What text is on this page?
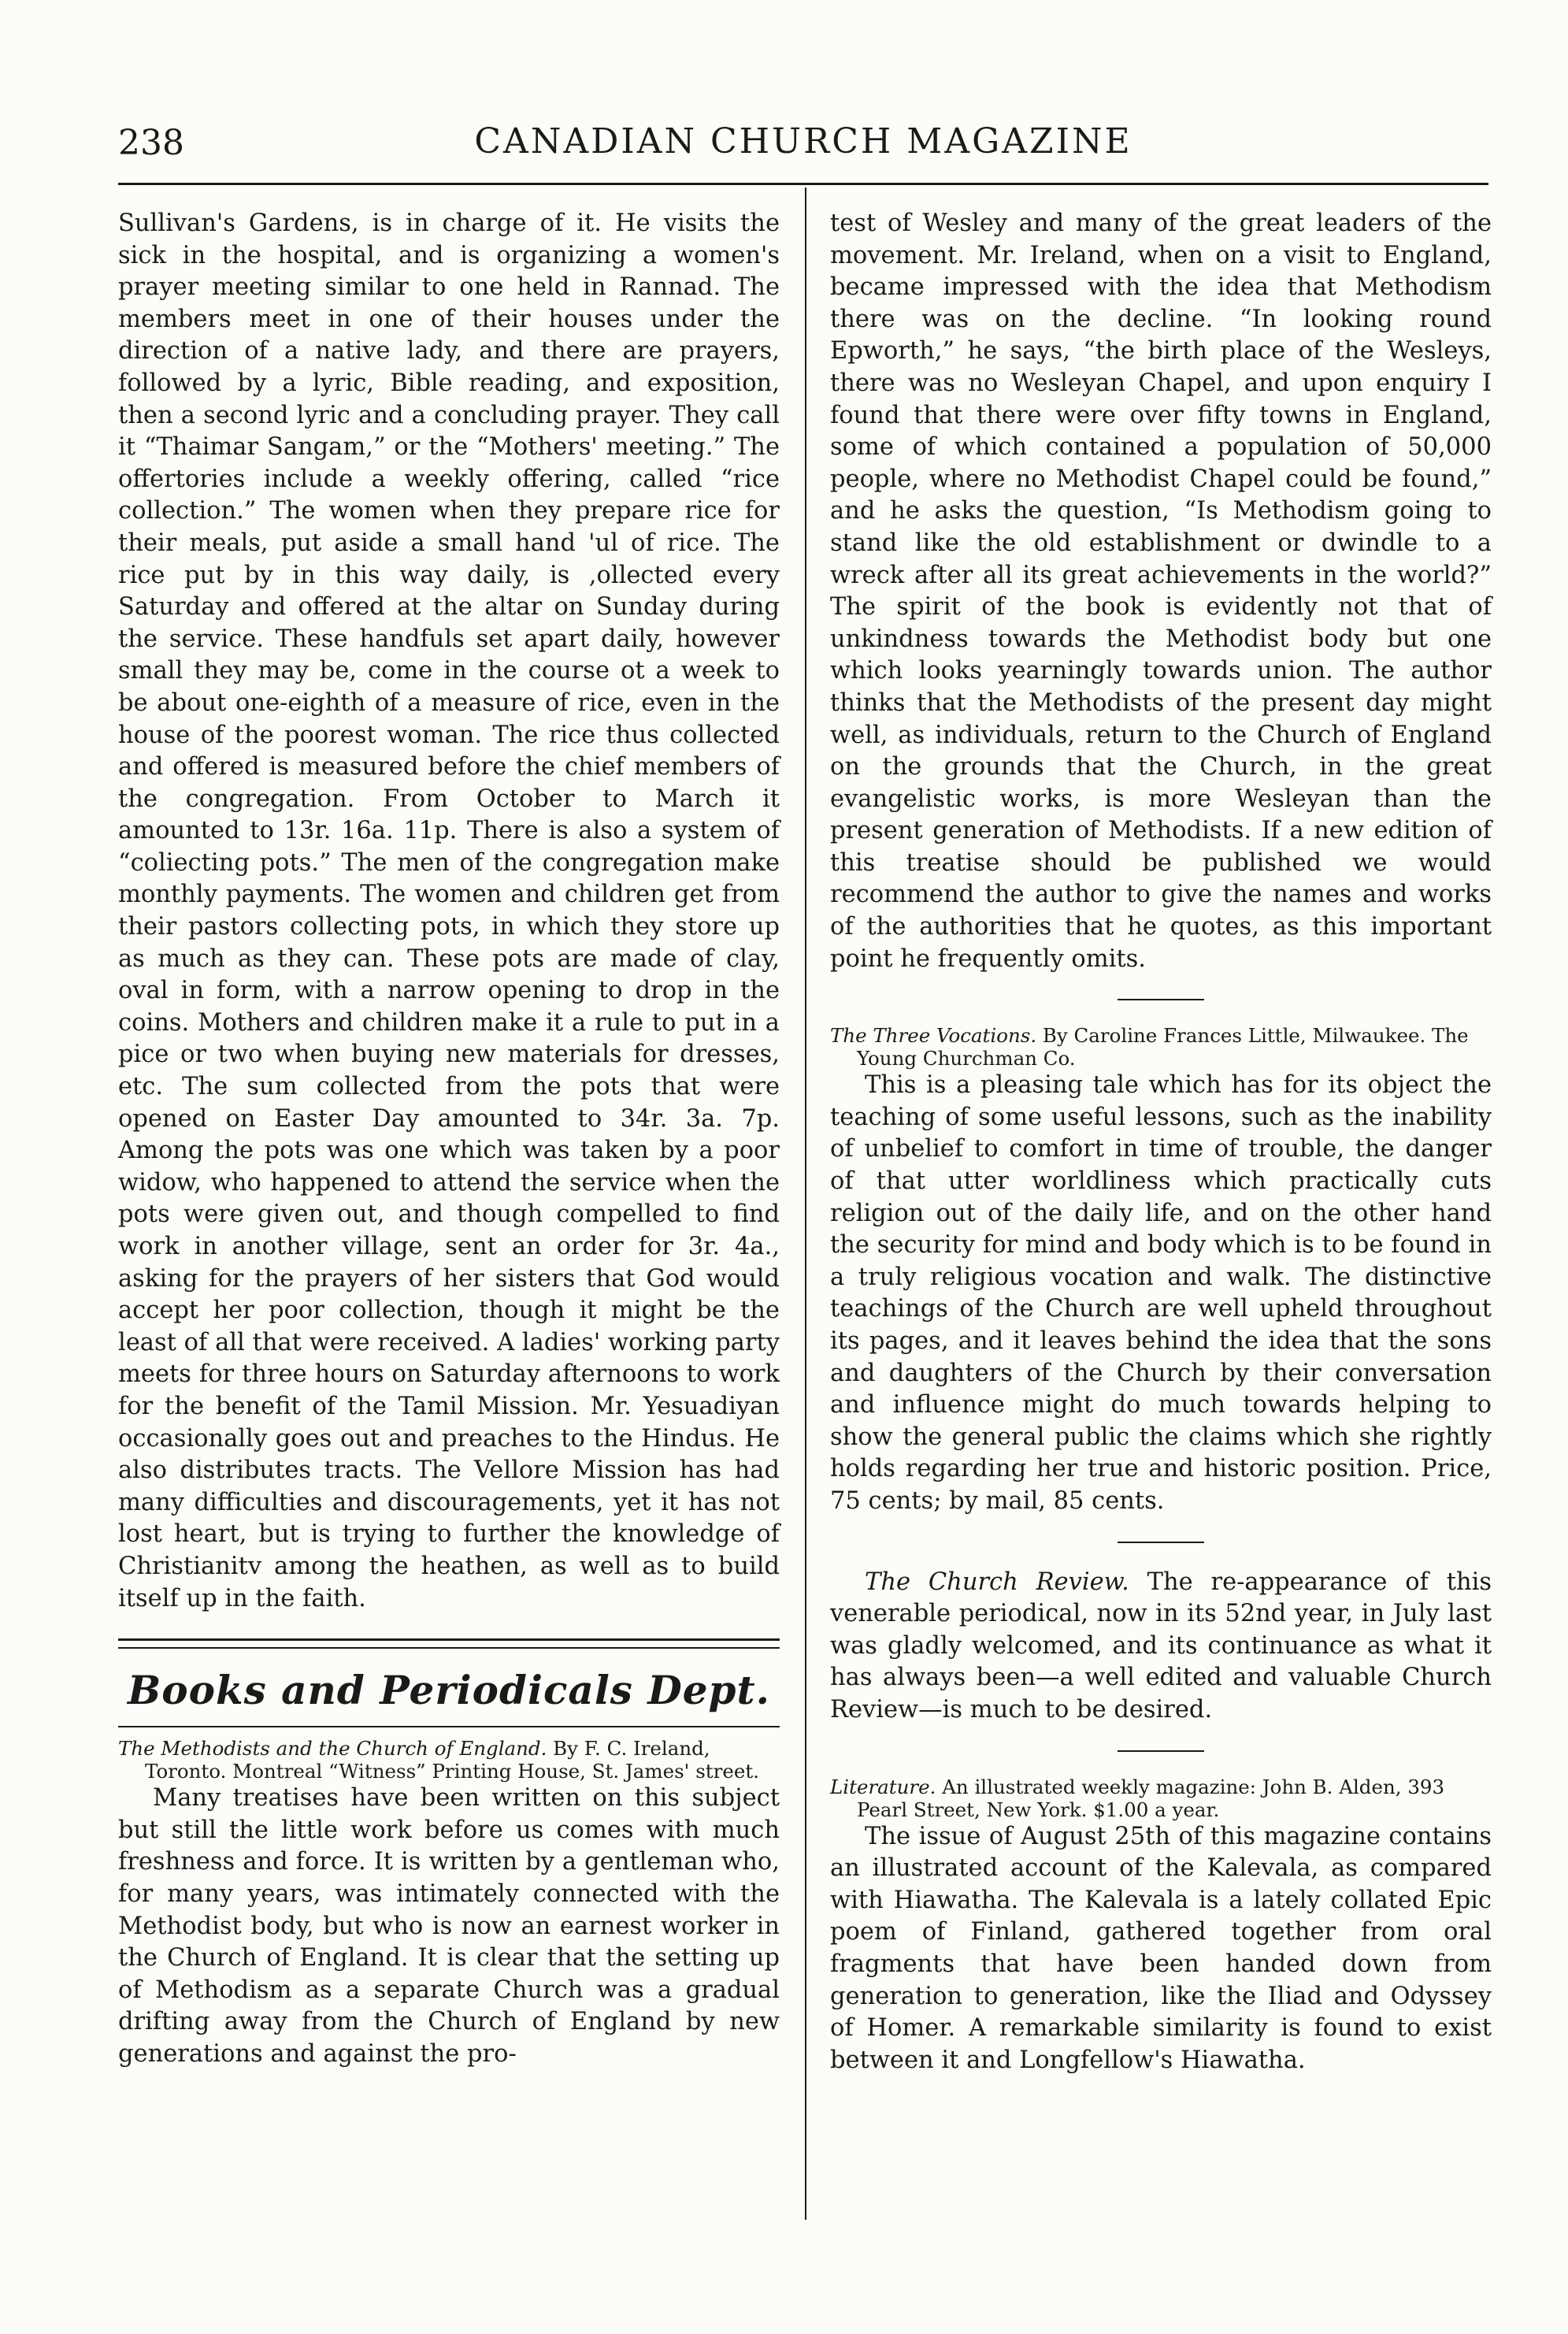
238	CANADIAN CHURCH MAGAZINE

Sullivan's Gardens, is in charge of it. He visits the sick in the hospital, and is organizing a women's prayer meeting similar to one held in Rannad. The members meet in one of their houses under the direction of a native lady, and there are prayers, followed by a lyric, Bible reading, and exposition, then a second lyric and a concluding prayer. They call it “Thaimar Sangam,” or the “Mothers' meeting.” The offertories include a weekly offering, called “rice collection.” The women when they prepare rice for their meals, put aside a small hand 'ul of rice. The rice put by in this way daily, is ,ollected every Saturday and offered at the altar on Sunday during the service. These handfuls set apart daily, however small they may be, come in the course ot a week to be about one-eighth of a measure of rice, even in the house of the poorest woman. The rice thus collected and offered is measured before the chief members of the congregation. From October to March it amounted to 13r. 16a. 11p. There is also a system of “coliecting pots.” The men of the congregation make monthly payments. The women and children get from their pastors collecting pots, in which they store up as much as they can. These pots are made of clay, oval in form, with a narrow opening to drop in the coins. Mothers and children make it a rule to put in a pice or two when buying new materials for dresses, etc. The sum collected from the pots that were opened on Easter Day amounted to 34r. 3a. 7p. Among the pots was one which was taken by a poor widow, who happened to attend the service when the pots were given out, and though compelled to find work in another village, sent an order for 3r. 4a., asking for the prayers of her sisters that God would accept her poor collection, though it might be the least of all that were received. A ladies' working party meets for three hours on Saturday afternoons to work for the benefit of the Tamil Mission. Mr. Yesuadiyan occasionally goes out and preaches to the Hindus. He also distributes tracts. The Vellore Mission has had many difficulties and discouragements, yet it has not lost heart, but is trying to further the knowledge of Christianitv among the heathen, as well as to build itself up in the faith.

Books and Periodicals Dept.

The Methodists and the Church of England. By F. C. Ireland, Toronto. Montreal “Witness” Printing House, St. James' street.

Many treatises have been written on this subject but still the little work before us comes with much freshness and force. It is written by a gentleman who, for many years, was intimately connected with the Methodist body, but who is now an earnest worker in the Church of England. It is clear that the setting up of Methodism as a separate Church was a gradual drifting away from the Church of England by new generations and against the pro-

test of Wesley and many of the great leaders of the movement. Mr. Ireland, when on a visit to England, became impressed with the idea that Methodism there was on the decline. “In looking round Epworth,” he says, “the birth place of the Wesleys, there was no Wesleyan Chapel, and upon enquiry I found that there were over fifty towns in England, some of which contained a population of 50,000 people, where no Methodist Chapel could be found,” and he asks the question, “Is Methodism going to stand like the old establishment or dwindle to a wreck after all its great achievements in the world?” The spirit of the book is evidently not that of unkindness towards the Methodist body but one which looks yearningly towards union. The author thinks that the Methodists of the present day might well, as individuals, return to the Church of England on the grounds that the Church, in the great evangelistic works, is more Wesleyan than the present generation of Methodists. If a new edition of this treatise should be published we would recommend the author to give the names and works of the authorities that he quotes, as this important point he frequently omits.

The Three Vocations. By Caroline Frances Little, Milwaukee. The Young Churchman Co.

This is a pleasing tale which has for its object the teaching of some useful lessons, such as the inability of unbelief to comfort in time of trouble, the danger of that utter worldliness which practically cuts religion out of the daily life, and on the other hand the security for mind and body which is to be found in a truly religious vocation and walk. The distinctive teachings of the Church are well upheld throughout its pages, and it leaves behind the idea that the sons and daughters of the Church by their conversation and influence might do much towards helping to show the general public the claims which she rightly holds regarding her true and historic position. Price, 75 cents; by mail, 85 cents.

The Church Review. The re-appearance of this venerable periodical, now in its 52nd year, in July last was gladly welcomed, and its continuance as what it has always been—a well edited and valuable Church Review—is much to be desired.

Literature. An illustrated weekly magazine: John B. Alden, 393 Pearl Street, New York. $1.00 a year.

The issue of August 25th of this magazine contains an illustrated account of the Kalevala, as compared with Hiawatha. The Kalevala is a lately collated Epic poem of Finland, gathered together from oral fragments that have been handed down from generation to generation, like the Iliad and Odyssey of Homer. A remarkable similarity is found to exist between it and Longfellow's Hiawatha.
